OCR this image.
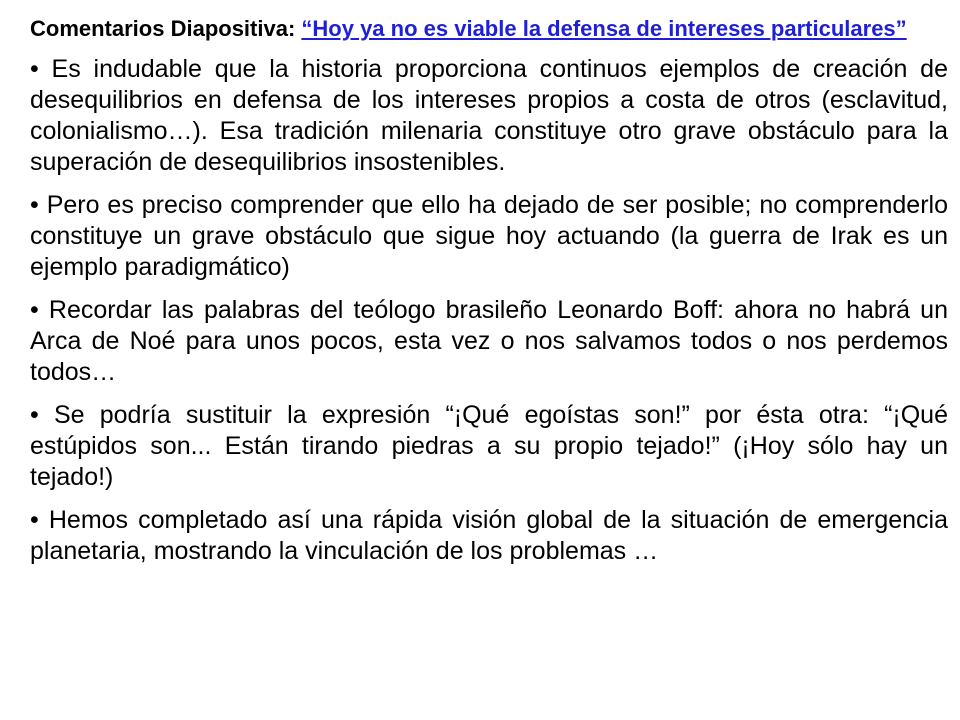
Comentarios Diapositiva: “Hoy ya no es viable la defensa de intereses particulares”
• Es indudable que la historia proporciona continuos ejemplos de creación de desequilibrios en defensa de los intereses propios a costa de otros (esclavitud, colonialismo…). Esa tradición milenaria constituye otro grave obstáculo para la superación de desequilibrios insostenibles.
• Pero es preciso comprender que ello ha dejado de ser posible; no comprenderlo constituye un grave obstáculo que sigue hoy actuando (la guerra de Irak es un ejemplo paradigmático)
• Recordar las palabras del teólogo brasileño Leonardo Boff: ahora no habrá un Arca de Noé para unos pocos, esta vez o nos salvamos todos o nos perdemos todos…
• Se podría sustituir la expresión “¡Qué egoístas son!” por ésta otra: “¡Qué estúpidos son... Están tirando piedras a su propio tejado!” (¡Hoy sólo hay un tejado!)
• Hemos completado así una rápida visión global de la situación de emergencia planetaria, mostrando la vinculación de los problemas …
